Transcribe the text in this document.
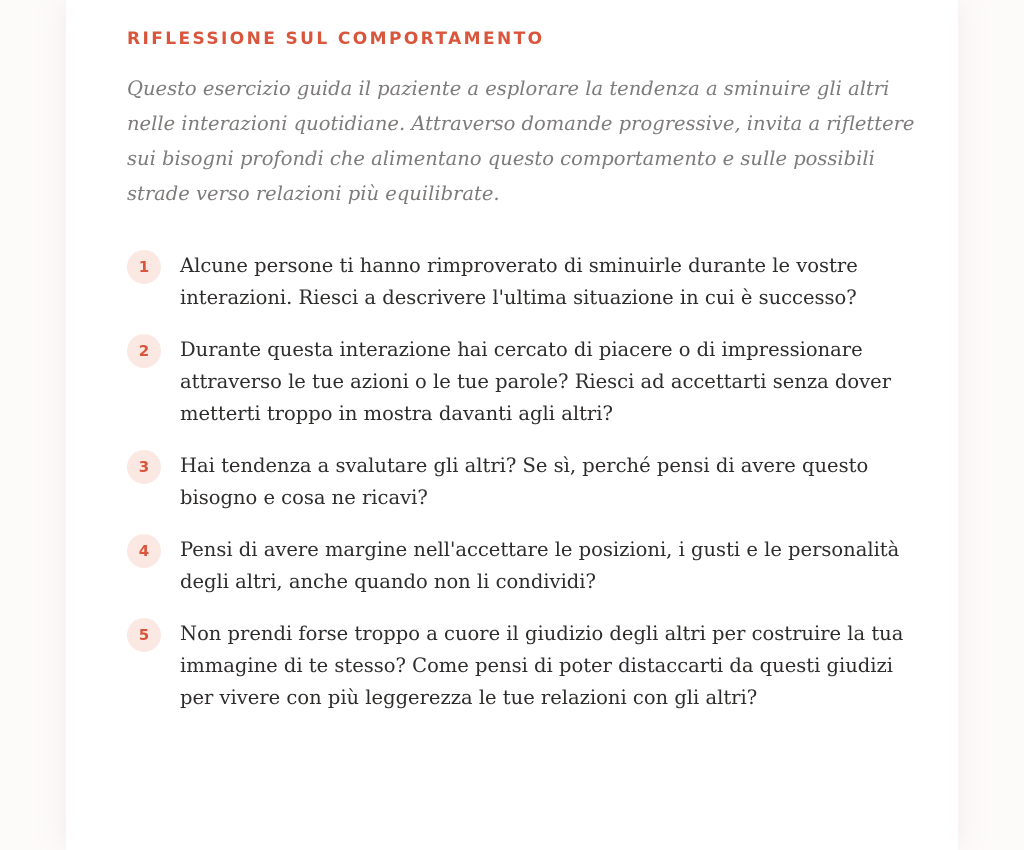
RIFLESSIONE SUL COMPORTAMENTO

Questo esercizio guida il paziente a esplorare la tendenza a sminuire gli altri nelle interazioni quotidiane. Attraverso domande progressive, invita a riflettere sui bisogni profondi che alimentano questo comportamento e sulle possibili strade verso relazioni più equilibrate.

1	Alcune persone ti hanno rimproverato di sminuirle durante le vostre interazioni. Riesci a descrivere l'ultima situazione in cui è successo?
2	Durante questa interazione hai cercato di piacere o di impressionare attraverso le tue azioni o le tue parole? Riesci ad accettarti senza dover metterti troppo in mostra davanti agli altri?
3	Hai tendenza a svalutare gli altri? Se sì, perché pensi di avere questo bisogno e cosa ne ricavi?
4	Pensi di avere margine nell'accettare le posizioni, i gusti e le personalità degli altri, anche quando non li condividi?
5	Non prendi forse troppo a cuore il giudizio degli altri per costruire la tua immagine di te stesso? Come pensi di poter distaccarti da questi giudizi per vivere con più leggerezza le tue relazioni con gli altri?
